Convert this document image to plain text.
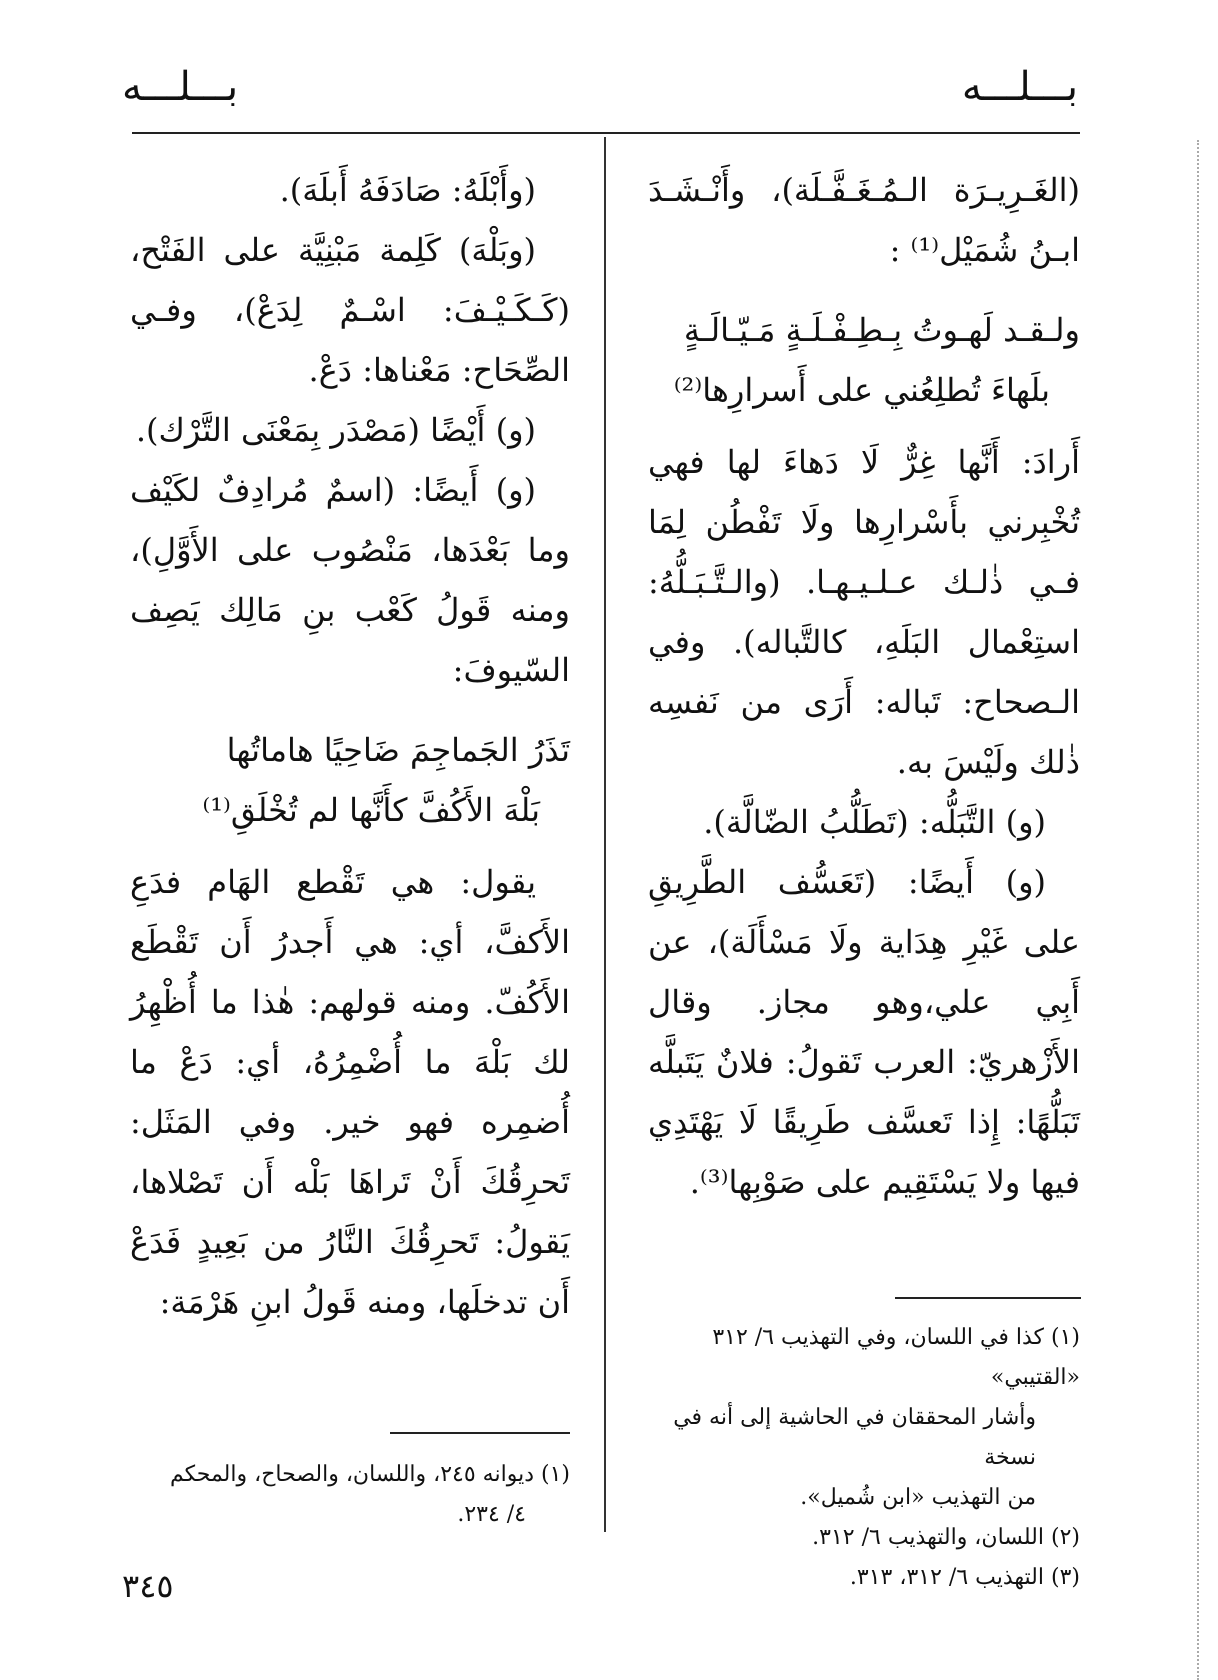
بـــلـــه
بـــلـــه

(الغَـرِيـرَة الـمُـغَـفَّـلَة)، وأَنْـشَـدَ ابـنُ شُمَيْل⁽¹⁾ :

ولـقـد لَهـوتُ بِـطِـفْـلَـةٍ مَـيّـالَـةٍ
بلَهاءَ تُطلِعُني على أَسرارِها⁽²⁾

أَرادَ: أَنَّها غِرٌّ لَا دَهاءَ لها فهي تُخْبِرني بأَسْرارِها ولَا تَفْطُن لِمَا فـي ذٰلـك عـلـيـهـا. (والـتَّـبَـلُّهُ: استِعْمال البَلَهِ، كالتَّباله). وفي الـصحاح: تَباله: أَرَى من نَفسِه ذٰلك ولَيْسَ به.

(و) التَّبَلُّه: (تَطَلُّبُ الضّالَّة).

(و) أَيضًا: (تَعَسُّف الطَّرِيقِ على غَيْرِ هِدَاية ولَا مَسْأَلَة)، عن أَبِي علي،وهو مجاز. وقال الأَزْهريّ: العرب تَقولُ: فلانٌ يَتَبلَّه تَبَلُّهًا: إِذا تَعسَّف طَرِيقًا لَا يَهْتَدِي فيها ولا يَسْتَقِيم على صَوْبِها⁽³⁾.

(وأَبْلَهُ: صَادَفَهُ أَبلَهَ).

(وبَلْهَ) كَلِمة مَبْنِيَّة على الفَتْح، (كَـكَـيْـفَ: اسْـمٌ لِدَعْ)، وفـي الصِّحَاح: مَعْناها: دَعْ.

(و) أَيْضًا (مَصْدَر بِمَعْنَى التَّرْك).

(و) أَيضًا: (اسمٌ مُرادِفٌ لكَيْف وما بَعْدَها، مَنْصُوب على الأَوَّلِ)، ومنه قَولُ كَعْب بنِ مَالِك يَصِف السّيوفَ:

تَذَرُ الجَماجِمَ ضَاحِيًا هاماتُها
بَلْهَ الأَكُفَّ كأَنَّها لم تُخْلَقِ⁽¹⁾

يقول: هي تَقْطع الهَام فدَعِ الأَكفَّ، أي: هي أَجدرُ أَن تَقْطَع الأَكُفّ. ومنه قولهم: هٰذا ما أُظْهِرُ لك بَلْهَ ما أُضْمِرُهُ، أي: دَعْ ما أُضمِره فهو خير. وفي المَثَل: تَحرِقُكَ أَنْ تَراهَا بَلْه أَن تَصْلاها، يَقولُ: تَحرِقُكَ النَّارُ من بَعِيدٍ فَدَعْ أَن تدخلَها، ومنه قَولُ ابنِ هَرْمَة:

(١) كذا في اللسان، وفي التهذيب ٦/ ٣١٢ «القتيبي»

وأشار المحققان في الحاشية إلى أنه في نسخة

من التهذيب «ابن شُميل».

(٢) اللسان، والتهذيب ٦/ ٣١٢.

(٣) التهذيب ٦/ ٣١٢، ٣١٣.

(١) ديوانه ٢٤٥، واللسان، والصحاح، والمحكم

٤/ ٢٣٤.

٣٤٥
